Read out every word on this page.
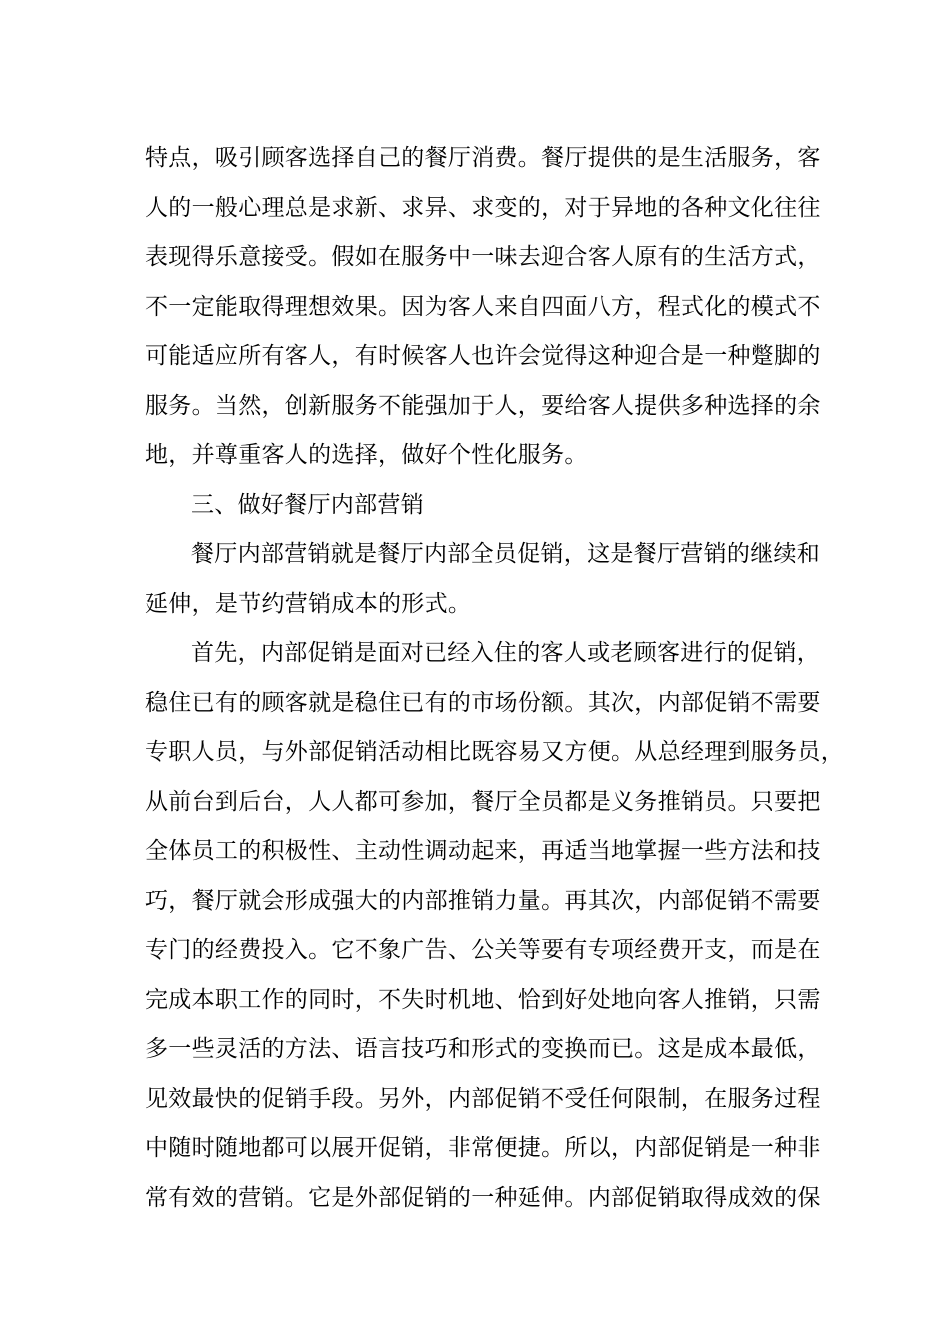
特点，吸引顾客选择自己的餐厅消费。餐厅提供的是生活服务，客
人的一般心理总是求新、求异、求变的，对于异地的各种文化往往
表现得乐意接受。假如在服务中一味去迎合客人原有的生活方式，
不一定能取得理想效果。因为客人来自四面八方，程式化的模式不
可能适应所有客人，有时候客人也许会觉得这种迎合是一种蹩脚的
服务。当然，创新服务不能强加于人，要给客人提供多种选择的余
地，并尊重客人的选择，做好个性化服务。
三、做好餐厅内部营销
餐厅内部营销就是餐厅内部全员促销，这是餐厅营销的继续和
延伸，是节约营销成本的形式。
首先，内部促销是面对已经入住的客人或老顾客进行的促销，
稳住已有的顾客就是稳住已有的市场份额。其次，内部促销不需要
专职人员，与外部促销活动相比既容易又方便。从总经理到服务员，
从前台到后台，人人都可参加，餐厅全员都是义务推销员。只要把
全体员工的积极性、主动性调动起来，再适当地掌握一些方法和技
巧，餐厅就会形成强大的内部推销力量。再其次，内部促销不需要
专门的经费投入。它不象广告、公关等要有专项经费开支，而是在
完成本职工作的同时，不失时机地、恰到好处地向客人推销，只需
多一些灵活的方法、语言技巧和形式的变换而已。这是成本最低，
见效最快的促销手段。另外，内部促销不受任何限制，在服务过程
中随时随地都可以展开促销，非常便捷。所以，内部促销是一种非
常有效的营销。它是外部促销的一种延伸。内部促销取得成效的保
